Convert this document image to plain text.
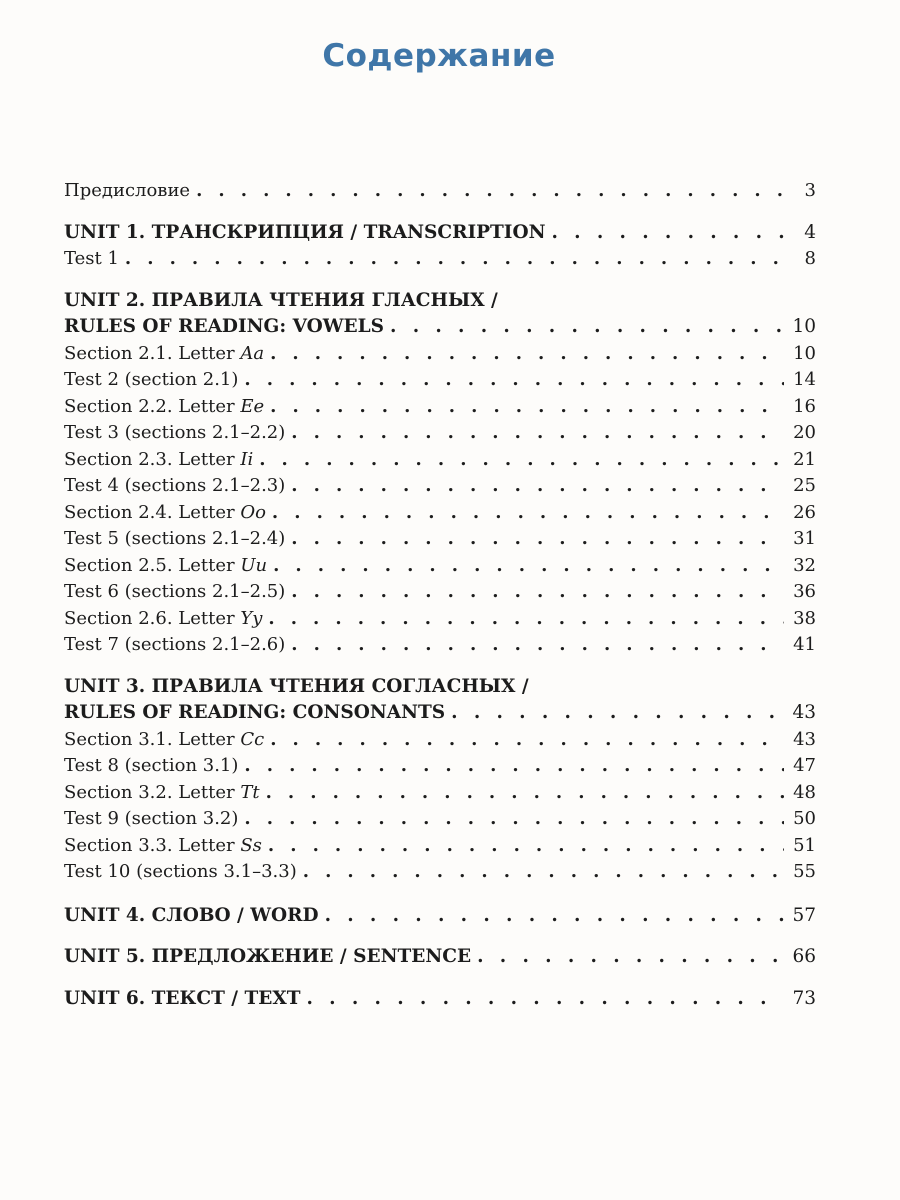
Содержание
Предисловие . . .	3
UNIT 1. ТРАНСКРИПЦИЯ / TRANSCRIPTION . . .	4
Test 1 . . .	8
UNIT 2. ПРАВИЛА ЧТЕНИЯ ГЛАСНЫХ /
RULES OF READING: VOWELS . . .	10
Section 2.1. Letter Aa . . .	10
Test 2 (section 2.1) . . .	14
Section 2.2. Letter Ee . . .	16
Test 3 (sections 2.1–2.2) . . .	20
Section 2.3. Letter Ii . . .	21
Test 4 (sections 2.1–2.3) . . .	25
Section 2.4. Letter Oo . . .	26
Test 5 (sections 2.1–2.4) . . .	31
Section 2.5. Letter Uu . . .	32
Test 6 (sections 2.1–2.5) . . .	36
Section 2.6. Letter Yy . . .	38
Test 7 (sections 2.1–2.6) . . .	41
UNIT 3. ПРАВИЛА ЧТЕНИЯ СОГЛАСНЫХ /
RULES OF READING: CONSONANTS . . .	43
Section 3.1. Letter Cc . . .	43
Test 8 (section 3.1) . . .	47
Section 3.2. Letter Tt . . .	48
Test 9 (section 3.2) . . .	50
Section 3.3. Letter Ss . . .	51
Test 10 (sections 3.1–3.3) . . .	55
UNIT 4. СЛОВО / WORD . . .	57
UNIT 5. ПРЕДЛОЖЕНИЕ / SENTENCE . . .	66
UNIT 6. ТЕКСТ / TEXT . . .	73
